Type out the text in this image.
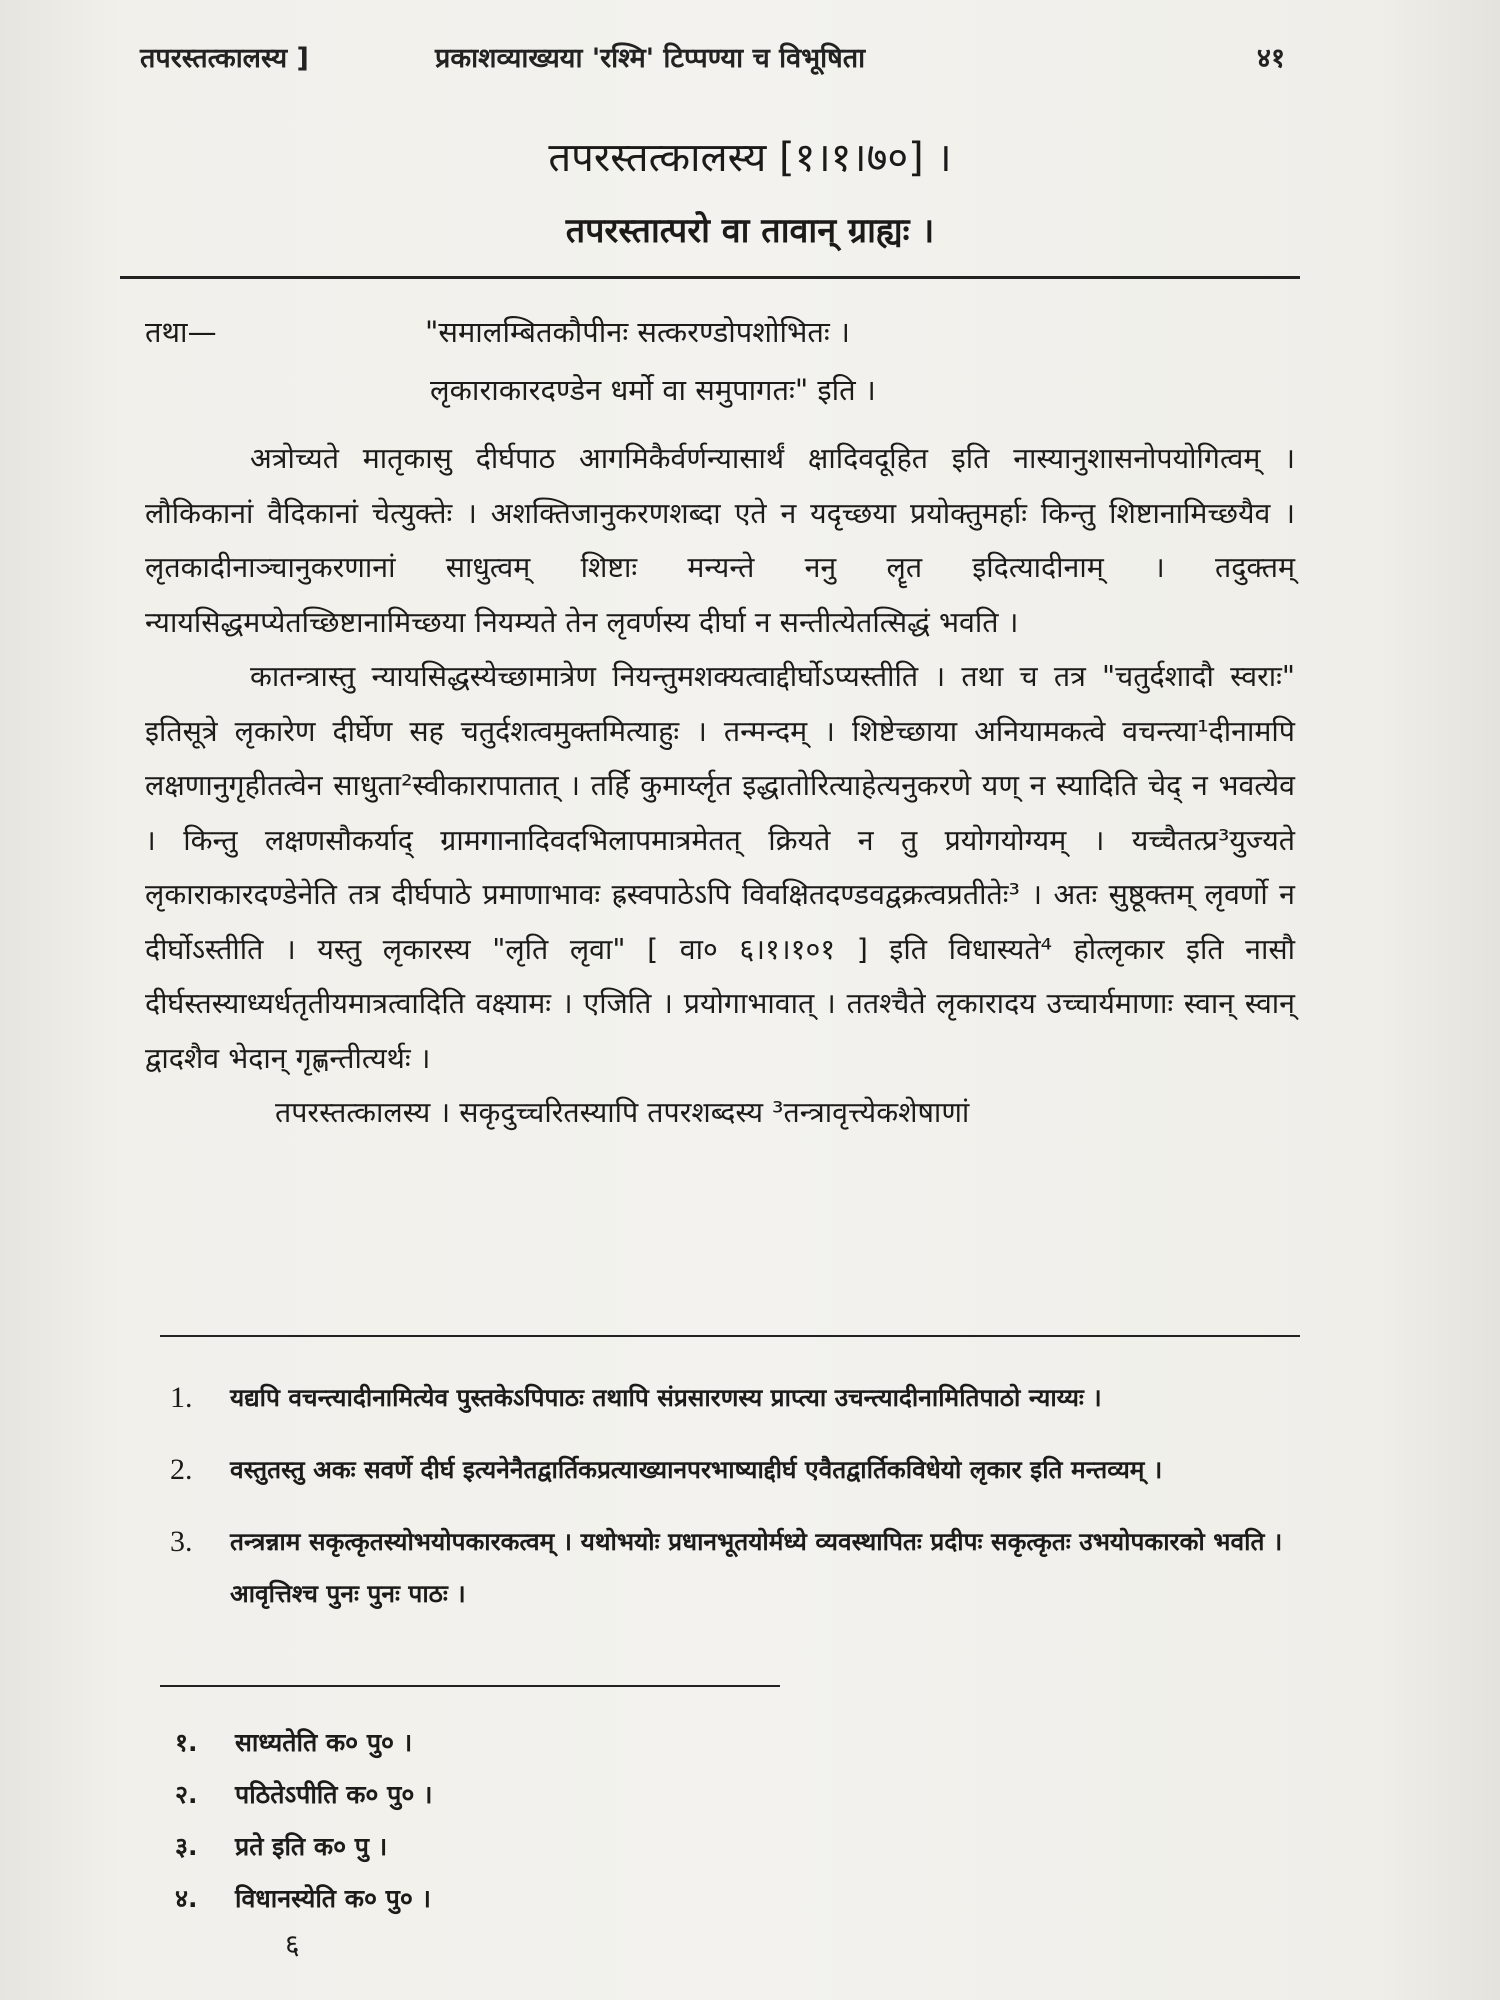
तपरस्तत्कालस्य ]	प्रकाशव्याख्यया 'रश्मि' टिप्पण्या च विभूषिता	४१
तपरस्तत्कालस्य [१।१।७०] ।
तपरस्तात्परो वा तावान् ग्राह्यः ।
तथा—	"समालम्बितकौपीनः सत्करण्डोपशोभितः ।
लृकाराकारदण्डेन धर्मो वा समुपागतः" इति ।

अत्रोच्यते मातृकासु दीर्घपाठ आगमिकैर्वर्णन्यासार्थं क्षादिवदूहित इति नास्यानुशासनोपयोगित्वम् । लौकिकानां वैदिकानां चेत्युक्तेः । अशक्तिजानुकरणशब्दा एते न यदृच्छया प्रयोक्तुमर्हाः किन्तु शिष्टानामिच्छयैव । लृतकादीनाञ्चानुकरणानां साधुत्वम् शिष्टाः मन्यन्ते ननु लॄत इदित्यादीनाम् । तदुक्तम् न्यायसिद्धमप्येतच्छिष्टानामिच्छया नियम्यते तेन लृवर्णस्य दीर्घा न सन्तीत्येतत्सिद्धं भवति ।

कातन्त्रास्तु न्यायसिद्धस्येच्छामात्रेण नियन्तुमशक्यत्वाद्दीर्घोऽप्यस्तीति । तथा च तत्र "चतुर्दशादौ स्वराः" इतिसूत्रे लृकारेण दीर्घेण सह चतुर्दशत्वमुक्तमित्याहुः । तन्मन्दम् । शिष्टेच्छाया अनियामकत्वे वचन्त्या¹दीनामपि लक्षणानुगृहीतत्वेन साधुता²स्वीकारापातात् । तर्हि कुमार्य्लृत इद्धातोरित्याहेत्यनुकरणे यण् न स्यादिति चेद् न भवत्येव । किन्तु लक्षणसौकर्याद् ग्रामगानादिवदभिलापमात्रमेतत् क्रियते न तु प्रयोगयोग्यम् । यच्चैतत्प्र³युज्यते लृकाराकारदण्डेनेति तत्र दीर्घपाठे प्रमाणाभावः ह्रस्वपाठेऽपि विवक्षितदण्डवद्वक्रत्वप्रतीतेः³ । अतः सुष्ठूक्तम् लृवर्णो न दीर्घोऽस्तीति । यस्तु लृकारस्य "लृति लृवा" [ वा० ६।१।१०१ ] इति विधास्यते⁴ होत्लृकार इति नासौ दीर्घस्तस्याध्यर्धतृतीयमात्रत्वादिति वक्ष्यामः । एजिति । प्रयोगाभावात् । ततश्चैते लृकारादय उच्चार्यमाणाः स्वान् स्वान् द्वादशैव भेदान् गृह्णन्तीत्यर्थः ।

तपरस्तत्कालस्य । सकृदुच्चरितस्यापि तपरशब्दस्य ³तन्त्रावृत्त्येकशेषाणां

1. यद्यपि वचन्त्यादीनामित्येव पुस्तकेऽपिपाठः तथापि संप्रसारणस्य प्राप्त्या उचन्त्यादीनामितिपाठो न्याय्यः ।
2. वस्तुतस्तु अकः सवर्णे दीर्घ इत्यनेनैतद्वार्तिकप्रत्याख्यानपरभाष्याद्दीर्घ एवैतद्वार्तिकविधेयो लृकार इति मन्तव्यम् ।
3. तन्त्रन्नाम सकृत्कृतस्योभयोपकारकत्वम् । यथोभयोः प्रधानभूतयोर्मध्ये व्यवस्थापितः प्रदीपः सकृत्कृतः उभयोपकारको भवति । आवृत्तिश्च पुनः पुनः पाठः ।
१. साध्यतेति क० पु० ।
२. पठितेऽपीति क० पु० ।
३. प्रते इति क० पु ।
४. विधानस्येति क० पु० ।
६
